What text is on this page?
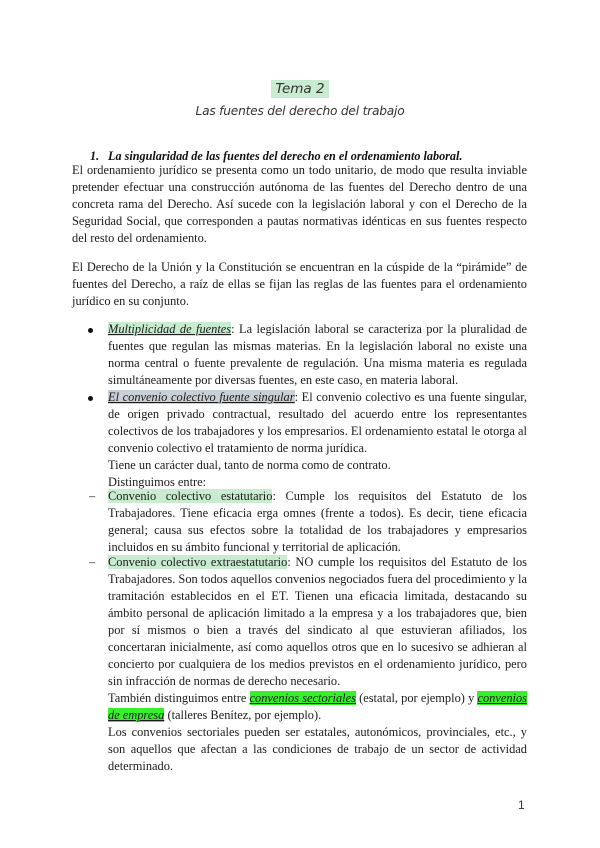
Tema 2
Las fuentes del derecho del trabajo
1. La singularidad de las fuentes del derecho en el ordenamiento laboral.
El ordenamiento jurídico se presenta como un todo unitario, de modo que resulta inviable pretender efectuar una construcción autónoma de las fuentes del Derecho dentro de una concreta rama del Derecho. Así sucede con la legislación laboral y con el Derecho de la Seguridad Social, que corresponden a pautas normativas idénticas en sus fuentes respecto del resto del ordenamiento.
El Derecho de la Unión y la Constitución se encuentran en la cúspide de la “pirámide” de fuentes del Derecho, a raíz de ellas se fijan las reglas de las fuentes para el ordenamiento jurídico en su conjunto.
Multiplicidad de fuentes: La legislación laboral se caracteriza por la pluralidad de fuentes que regulan las mismas materias. En la legislación laboral no existe una norma central o fuente prevalente de regulación. Una misma materia es regulada simultáneamente por diversas fuentes, en este caso, en materia laboral.
El convenio colectivo fuente singular: El convenio colectivo es una fuente singular, de origen privado contractual, resultado del acuerdo entre los representantes colectivos de los trabajadores y los empresarios. El ordenamiento estatal le otorga al convenio colectivo el tratamiento de norma jurídica.
Tiene un carácter dual, tanto de norma como de contrato.
Distinguimos entre:
– Convenio colectivo estatutario: Cumple los requisitos del Estatuto de los Trabajadores. Tiene eficacia erga omnes (frente a todos). Es decir, tiene eficacia general; causa sus efectos sobre la totalidad de los trabajadores y empresarios incluidos en su ámbito funcional y territorial de aplicación.
– Convenio colectivo extraestatutario: NO cumple los requisitos del Estatuto de los Trabajadores. Son todos aquellos convenios negociados fuera del procedimiento y la tramitación establecidos en el ET. Tienen una eficacia limitada, destacando su ámbito personal de aplicación limitado a la empresa y a los trabajadores que, bien por sí mismos o bien a través del sindicato al que estuvieran afiliados, los concertaran inicialmente, así como aquellos otros que en lo sucesivo se adhieran al concierto por cualquiera de los medios previstos en el ordenamiento jurídico, pero sin infracción de normas de derecho necesario.
También distinguimos entre convenios sectoriales (estatal, por ejemplo) y convenios de empresa (talleres Benítez, por ejemplo).
Los convenios sectoriales pueden ser estatales, autonómicos, provinciales, etc., y son aquellos que afectan a las condiciones de trabajo de un sector de actividad determinado.
1
